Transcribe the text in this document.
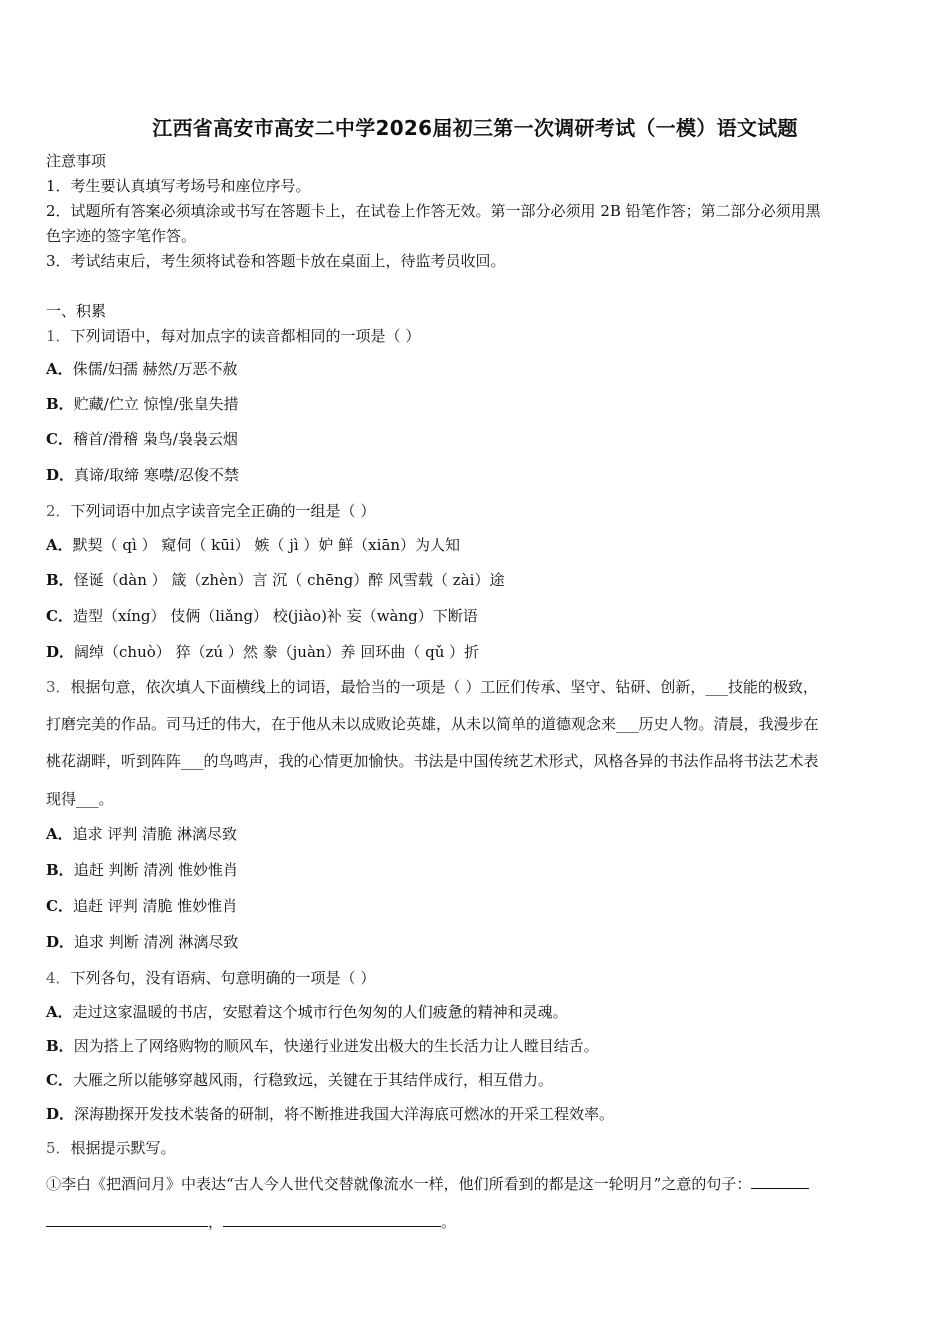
江西省高安市高安二中学2026届初三第一次调研考试（一模）语文试题
注意事项
1．考生要认真填写考场号和座位序号。
2．试题所有答案必须填涂或书写在答题卡上，在试卷上作答无效。第一部分必须用 2B 铅笔作答；第二部分必须用黑
色字迹的签字笔作答。
3．考试结束后，考生须将试卷和答题卡放在桌面上，待监考员收回。
一、积累
1．下列词语中，每对加点字的读音都相同的一项是（ ）
A．侏儒/妇孺 赫然/万恶不赦
B．贮藏/伫立 惊惶/张皇失措
C．稽首/滑稽 枭鸟/袅袅云烟
D．真谛/取缔 寒噤/忍俊不禁
2．下列词语中加点字读音完全正确的一组是（ ）
A．默契（ qì ） 窥伺（ kūi） 嫉（ jì ）妒 鲜（xiān）为人知
B．怪诞（dàn ） 箴（zhèn）言 沉（ chēng）醉 风雪载（ zài）途
C．造型（xíng） 伎俩（liǎng） 校(jiào)补 妄（wàng）下断语
D．阔绰（chuò） 猝（zú ）然 豢（juàn）养 回环曲（ qǔ ）折
3．根据句意，依次填人下面横线上的词语，最恰当的一项是（ ）工匠们传承、坚守、钻研、创新，___技能的极致，
打磨完美的作品。司马迁的伟大，在于他从未以成败论英雄，从未以简单的道德观念来___历史人物。清晨，我漫步在
桃花湖畔，听到阵阵___的鸟鸣声，我的心情更加愉快。书法是中国传统艺术形式，风格各异的书法作品将书法艺术表
现得___。
A．追求 评判 清脆 淋漓尽致
B．追赶 判断 清冽 惟妙惟肖
C．追赶 评判 清脆 惟妙惟肖
D．追求 判断 清冽 淋漓尽致
4．下列各句，没有语病、句意明确的一项是（ ）
A．走过这家温暖的书店，安慰着这个城市行色匆匆的人们疲惫的精神和灵魂。
B．因为搭上了网络购物的顺风车，快递行业迸发出极大的生长活力让人瞠目结舌。
C．大雁之所以能够穿越风雨，行稳致远，关键在于其结伴成行，相互借力。
D．深海勘探开发技术装备的研制，将不断推进我国大洋海底可燃冰的开采工程效率。
5．根据提示默写。
①李白《把酒问月》中表达“古人今人世代交替就像流水一样，他们所看到的都是这一轮明月”之意的句子：
，	。
